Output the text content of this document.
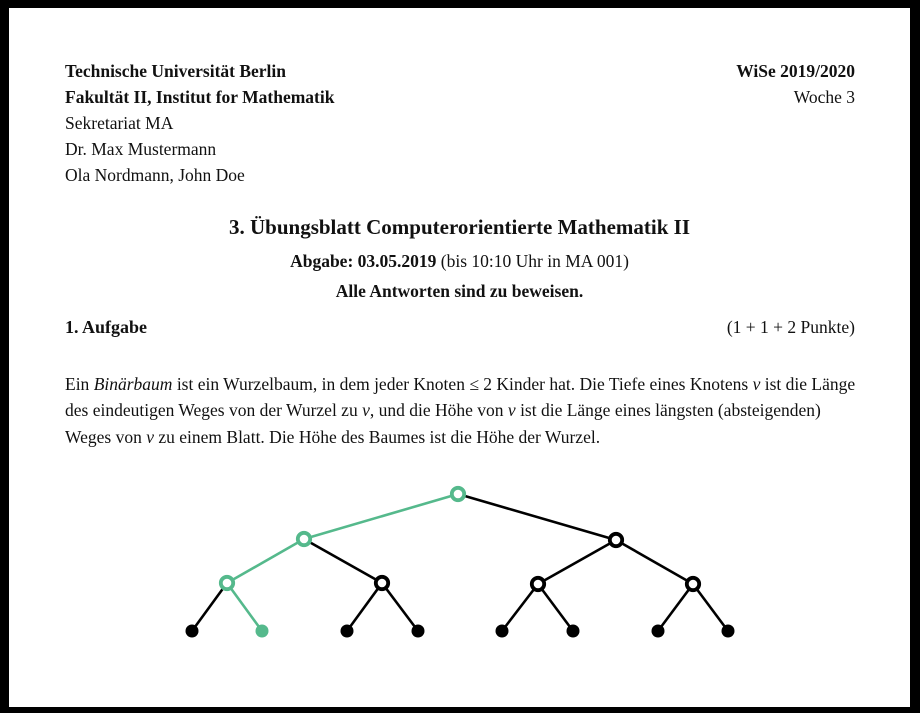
Technische Universität Berlin

Fakultät II, Institut for Mathematik

Sekretariat MA

Dr. Max Mustermann

Ola Nordmann, John Doe

WiSe 2019/2020

Woche 3

3. Übungsblatt Computerorientierte Mathematik II
Abgabe: 03.05.2019 (bis 10:10 Uhr in MA 001)
Alle Antworten sind zu beweisen.
1. Aufgabe	(1 + 1 + 2 Punkte)

Ein Binärbaum ist ein Wurzelbaum, in dem jeder Knoten ≤ 2 Kinder hat. Die Tiefe eines Knotens v ist die Länge des eindeutigen Weges von der Wurzel zu v, und die Höhe von v ist die Länge eines längsten (absteigenden) Weges von v zu einem Blatt. Die Höhe des Baumes ist die Höhe der Wurzel.
